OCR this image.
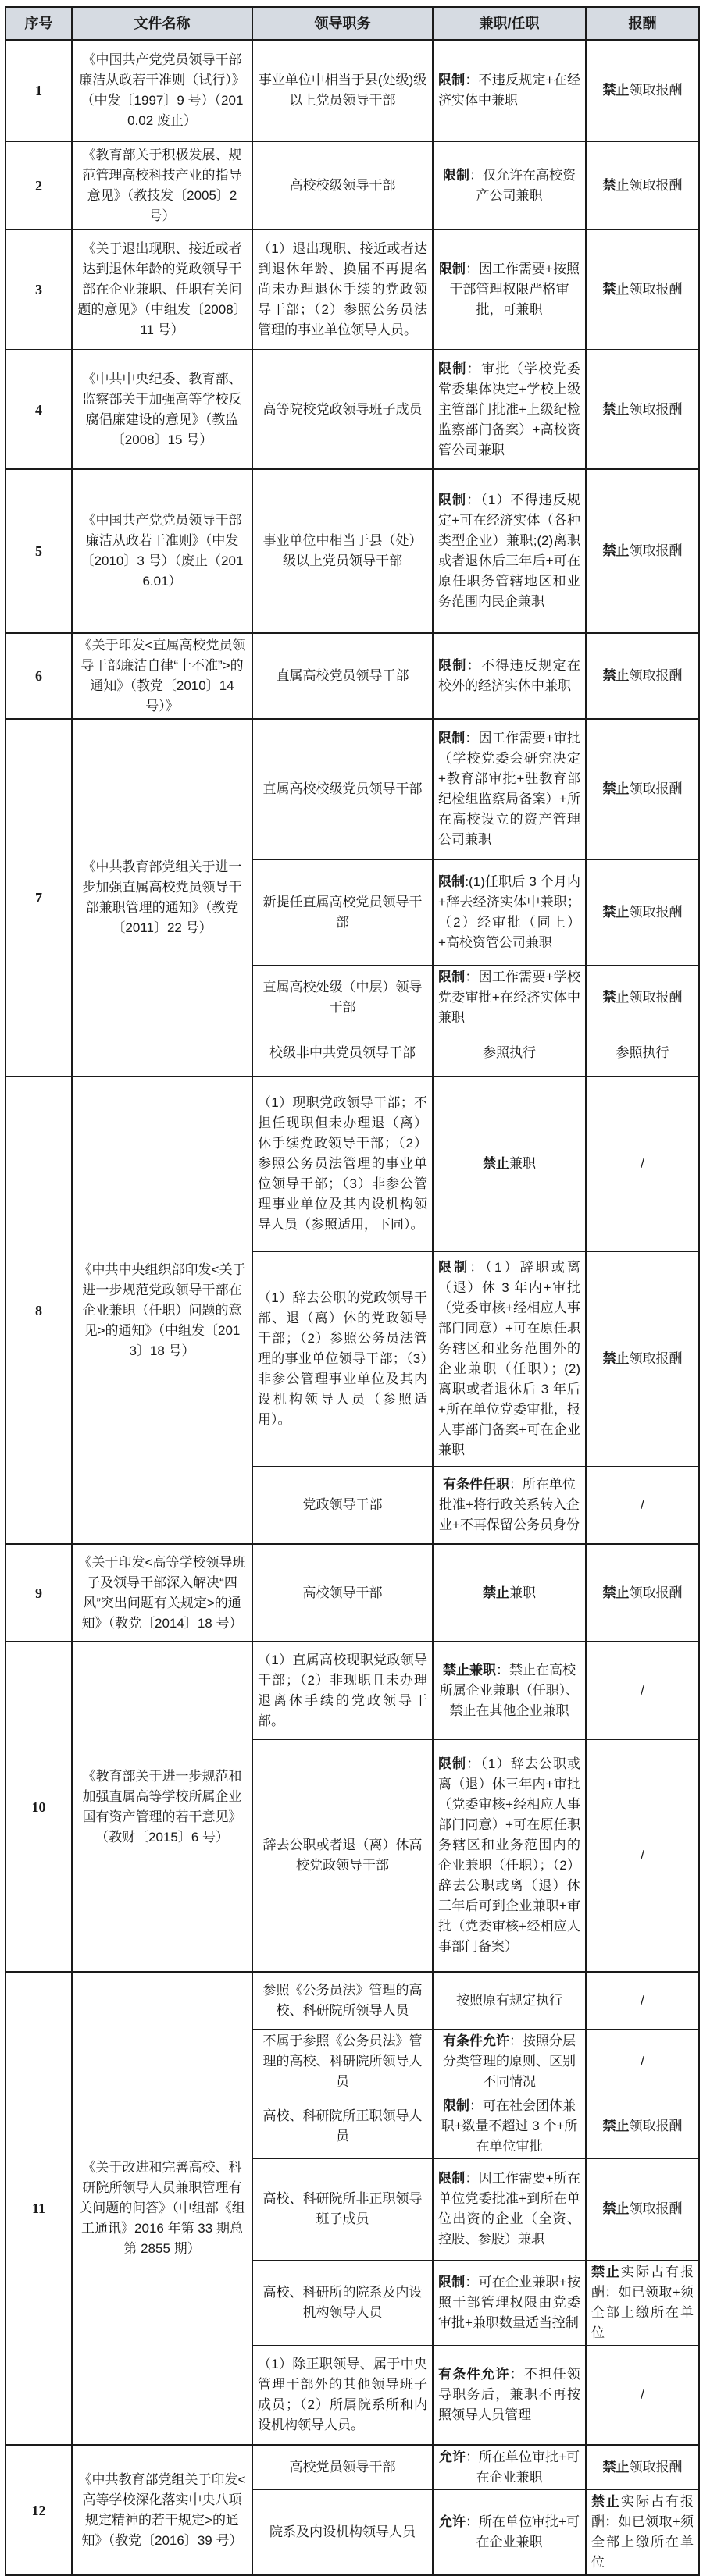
序号	文件名称	领导职务	兼职/任职	报酬
1	《中国共产党党员领导干部廉洁从政若干准则（试行）》（中发〔1997〕9 号）（2010.02 废止）	事业单位中相当于县(处级)级以上党员领导干部	限制：不违反规定+在经济实体中兼职	禁止领取报酬
2	《教育部关于积极发展、规范管理高校科技产业的指导意见》（教技发〔2005〕2 号）	高校校级领导干部	限制：仅允许在高校资产公司兼职	禁止领取报酬
3	《关于退出现职、接近或者达到退休年龄的党政领导干部在企业兼职、任职有关问题的意见》（中组发〔2008〕11 号）	（1）退出现职、接近或者达到退休年龄、换届不再提名尚未办理退休手续的党政领导干部；（2）参照公务员法管理的事业单位领导人员。	限制：因工作需要+按照干部管理权限严格审批，可兼职	禁止领取报酬
4	《中共中央纪委、教育部、监察部关于加强高等学校反腐倡廉建设的意见》（教监〔2008〕15 号）	高等院校党政领导班子成员	限制：审批（学校党委常委集体决定+学校上级主管部门批准+上级纪检监察部门备案）+高校资管公司兼职	禁止领取报酬
5	《中国共产党党员领导干部廉洁从政若干准则》（中发〔2010〕3 号）（废止（2016.01）	事业单位中相当于县（处）级以上党员领导干部	限制：（1）不得违反规定+可在经济实体（各种类型企业）兼职;(2)离职或者退休后三年后+可在原任职务管辖地区和业务范围内民企兼职	禁止领取报酬
6	《关于印发<直属高校党员领导干部廉洁自律“十不准”>的通知》（教党〔2010〕14 号）》	直属高校党员领导干部	限制：不得违反规定在校外的经济实体中兼职	禁止领取报酬
7	《中共教育部党组关于进一步加强直属高校党员领导干部兼职管理的通知》（教党〔2011〕22 号）	直属高校校级党员领导干部	限制：因工作需要+审批（学校党委会研究决定+教育部审批+驻教育部纪检组监察局备案）+所在高校设立的资产管理公司兼职	禁止领取报酬
		新提任直属高校党员领导干部	限制:(1)任职后 3 个月内+辞去经济实体中兼职；（2）经审批（同上）+高校资管公司兼职	禁止领取报酬
		直属高校处级（中层）领导干部	限制：因工作需要+学校党委审批+在经济实体中兼职	禁止领取报酬
		校级非中共党员领导干部	参照执行	参照执行
8	《中共中央组织部印发<关于进一步规范党政领导干部在企业兼职（任职）问题的意见>的通知》（中组发〔2013〕18 号）	（1）现职党政领导干部；不担任现职但未办理退（离）休手续党政领导干部；（2）参照公务员法管理的事业单位领导干部；（3）非参公管理事业单位及其内设机构领导人员（参照适用，下同）。	禁止兼职	/
		（1）辞去公职的党政领导干部、退（离）休的党政领导干部；（2）参照公务员法管理的事业单位领导干部；（3）非参公管理事业单位及其内设机构领导人员（参照适用）。	限制：（1）辞职或离（退）休 3 年内+审批（党委审核+经相应人事部门同意）+可在原任职务辖区和业务范围外的企业兼职（任职）；(2)离职或者退休后 3 年后+所在单位党委审批，报人事部门备案+可在企业兼职	禁止领取报酬
		党政领导干部	有条件任职：所在单位批准+将行政关系转入企业+不再保留公务员身份	/
9	《关于印发<高等学校领导班子及领导干部深入解决“四风”突出问题有关规定>的通知》（教党〔2014〕18 号）	高校领导干部	禁止兼职	禁止领取报酬
10	《教育部关于进一步规范和加强直属高等学校所属企业国有资产管理的若干意见》（教财〔2015〕6 号）	（1）直属高校现职党政领导干部；（2）非现职且未办理退离休手续的党政领导干部。	禁止兼职：禁止在高校所属企业兼职（任职）、禁止在其他企业兼职	/
		辞去公职或者退（离）休高校党政领导干部	限制：（1）辞去公职或离（退）休三年内+审批（党委审核+经相应人事部门同意）+可在原任职务辖区和业务范围内的企业兼职（任职）；（2）辞去公职或离（退）休三年后可到企业兼职+审批（党委审核+经相应人事部门备案）	/
11	《关于改进和完善高校、科研院所领导人员兼职管理有关问题的问答》（中组部《组工通讯》2016 年第 33 期总第 2855 期）	参照《公务员法》管理的高校、科研院所领导人员	按照原有规定执行	/
		不属于参照《公务员法》管理的高校、科研院所领导人员	有条件允许：按照分层分类管理的原则、区别不同情况	/
		高校、科研院所正职领导人员	限制：可在社会团体兼职+数量不超过 3 个+所在单位审批	禁止领取报酬
		高校、科研院所非正职领导班子成员	限制：因工作需要+所在单位党委批准+到所在单位出资的企业（全资、控股、参股）兼职	禁止领取报酬
		高校、科研所的院系及内设机构领导人员	限制：可在企业兼职+按照干部管理权限由党委审批+兼职数量适当控制	禁止实际占有报酬：如已领取+须全部上缴所在单位
		（1）除正职领导、属于中央管理干部外的其他领导班子成员；（2）所属院系所和内设机构领导人员。	有条件允许：不担任领导职务后，兼职不再按照领导人员管理	/
12	《中共教育部党组关于印发<高等学校深化落实中央八项规定精神的若干规定>的通知》（教党〔2016〕39 号）	高校党员领导干部	允许：所在单位审批+可在企业兼职	禁止领取报酬
		院系及内设机构领导人员	允许：所在单位审批+可在企业兼职	禁止实际占有报酬：如已领取+须全部上缴所在单位
